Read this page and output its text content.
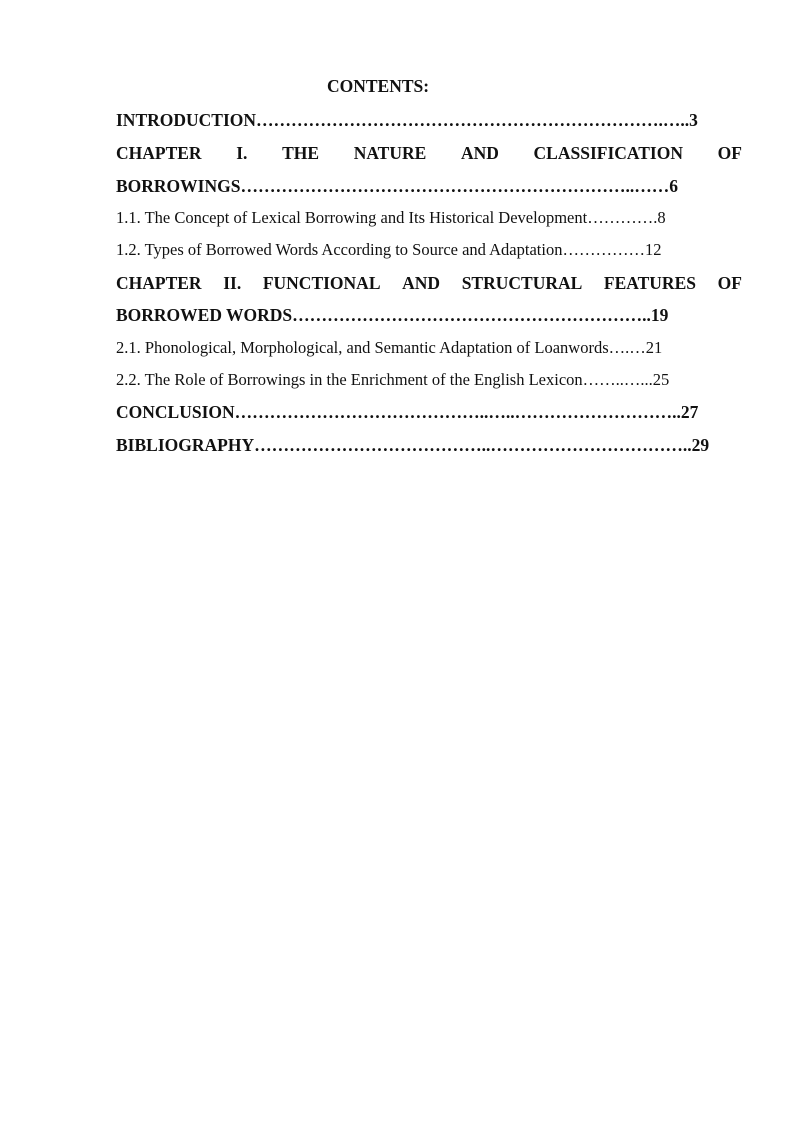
CONTENTS:
INTRODUCTION…………………………………………………………….…..3
CHAPTER I. THE NATURE AND CLASSIFICATION OF
BORROWINGS…………………………………………………………..……6
1.1. The Concept of Lexical Borrowing and Its Historical Development………….8
1.2. Types of Borrowed Words According to Source and Adaptation……………12
CHAPTER II. FUNCTIONAL AND STRUCTURAL FEATURES OF
BORROWED WORDS……………………………………………………..19
2.1. Phonological, Morphological, and Semantic Adaptation of Loanwords….…21
2.2. The Role of Borrowings in the Enrichment of the English Lexicon……..…...25
CONCLUSION……………………………………..…..………………………..27
BIBLIOGRAPHY…………………………………..……………………………..29
